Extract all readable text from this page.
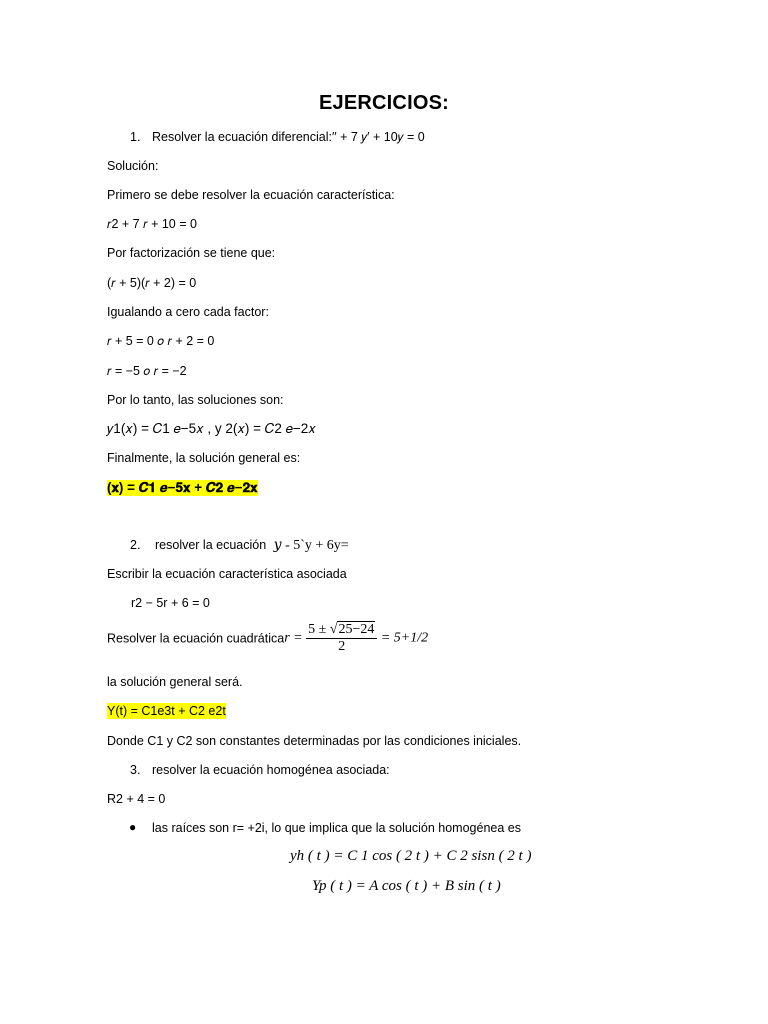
EJERCICIOS:
1. Resolver la ecuación diferencial:′′ + 7 𝑦′ + 10𝑦 = 0
Solución:
Primero se debe resolver la ecuación característica:
𝑟2 + 7 𝑟 + 10 = 0
Por factorización se tiene que:
(𝑟 + 5)(𝑟 + 2) = 0
Igualando a cero cada factor:
𝑟 + 5 = 0 𝑜 𝑟 + 2 = 0
𝑟 = −5 𝑜 𝑟 = −2
Por lo tanto, las soluciones son:
𝑦1(𝑥) = 𝐶1 𝑒−5𝑥 , y 2(𝑥) = 𝐶2 𝑒−2𝑥
Finalmente, la solución general es:
(𝐱) = 𝑪𝟏 𝒆−𝟓𝐱 + 𝑪𝟐 𝒆−𝟐𝐱
2. resolver la ecuación 𝑦 - 5`y + 6y=
Escribir la ecuación característica asociada
r2 − 5r + 6 = 0
Resolver la ecuación cuadráticar = $\frac{5 \pm √25-24}{2} = 5+1/2$
la solución general será.
Y(t) = C1e3t + C2 e2t
Donde C1 y C2 son constantes determinadas por las condiciones iniciales.
3. resolver la ecuación homogénea asociada:
R2 + 4 = 0
● las raíces son r= +2i, lo que implica que la solución homogénea es
yh ( t ) = C 1 cos ( 2 t ) + C 2 sisn ( 2 t )
Yp ( t ) = A cos ( t ) + B sin ( t )
